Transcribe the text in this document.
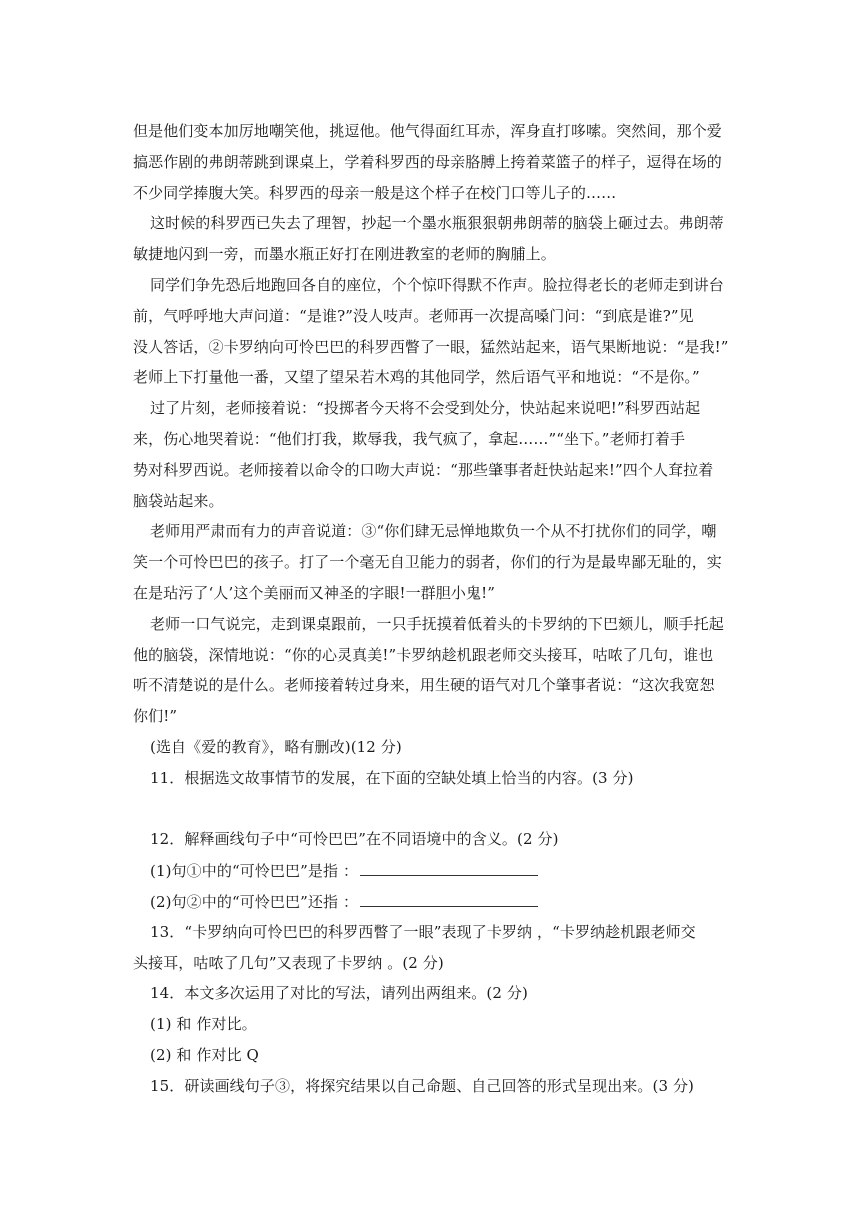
但是他们变本加厉地嘲笑他，挑逗他。他气得面红耳赤，浑身直打哆嗦。突然间，那个爱
搞恶作剧的弗朗蒂跳到课桌上，学着科罗西的母亲胳膊上挎着菜篮子的样子，逗得在场的
不少同学捧腹大笑。科罗西的母亲一般是这个样子在校门口等儿子的……
这时候的科罗西已失去了理智，抄起一个墨水瓶狠狠朝弗朗蒂的脑袋上砸过去。弗朗蒂
敏捷地闪到一旁，而墨水瓶正好打在刚进教室的老师的胸脯上。
同学们争先恐后地跑回各自的座位，个个惊吓得默不作声。脸拉得老长的老师走到讲台
前，气呼呼地大声问道：“是谁?”没人吱声。老师再一次提高嗓门问：“到底是谁?”见
没人答话，②卡罗纳向可怜巴巴的科罗西瞥了一眼，猛然站起来，语气果断地说：“是我!”
老师上下打量他一番，又望了望呆若木鸡的其他同学，然后语气平和地说：“不是你。”
过了片刻，老师接着说：“投掷者今天将不会受到处分，快站起来说吧!”科罗西站起
来，伤心地哭着说：“他们打我，欺辱我，我气疯了，拿起……”“坐下。”老师打着手
势对科罗西说。老师接着以命令的口吻大声说：“那些肇事者赶快站起来!”四个人耷拉着
脑袋站起来。
老师用严肃而有力的声音说道：③“你们肆无忌惮地欺负一个从不打扰你们的同学，嘲
笑一个可怜巴巴的孩子。打了一个毫无自卫能力的弱者，你们的行为是最卑鄙无耻的，实
在是玷污了‘人’这个美丽而又神圣的字眼!一群胆小鬼!”
老师一口气说完，走到课桌跟前，一只手抚摸着低着头的卡罗纳的下巴颏儿，顺手托起
他的脑袋，深情地说：“你的心灵真美!”卡罗纳趁机跟老师交头接耳，咕哝了几句，谁也
听不清楚说的是什么。老师接着转过身来，用生硬的语气对几个肇事者说：“这次我宽恕
你们!”
(选自《爱的教育》，略有删改)(12 分)
11．根据选文故事情节的发展，在下面的空缺处填上恰当的内容。(3 分)
12．解释画线句子中“可怜巴巴”在不同语境中的含义。(2 分)
(1)句①中的“可怜巴巴”是指 ：
(2)句②中的“可怜巴巴”还指 ：
13．“卡罗纳向可怜巴巴的科罗西瞥了一眼”表现了卡罗纳 ，“卡罗纳趁机跟老师交
头接耳，咕哝了几句”又表现了卡罗纳 。(2 分)
14．本文多次运用了对比的写法，请列出两组来。(2 分)
(1) 和 作对比。
(2) 和 作对比 Q
15．研读画线句子③，将探究结果以自己命题、自己回答的形式呈现出来。(3 分)
